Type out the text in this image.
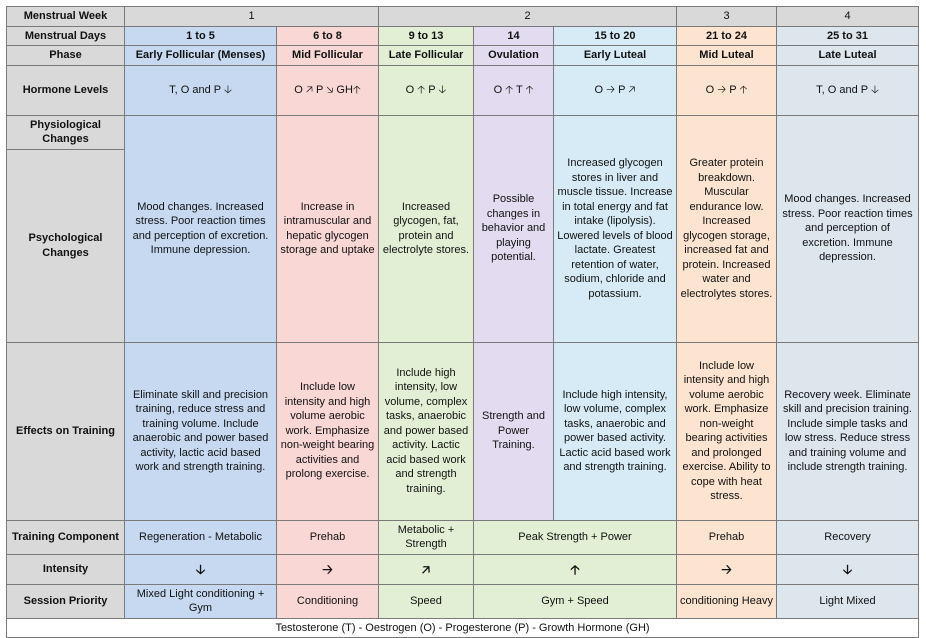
Menstrual Week	1		2			3	4
Menstrual Days	1 to 5	6 to 8	9 to 13	14	15 to 20	21 to 24	25 to 31
Phase	Early Follicular (Menses)	Mid Follicular	Late Follicular	Ovulation	Early Luteal	Mid Luteal	Late Luteal
Hormone Levels	T, O and P 🡣	O 🡥 P 🡦 GH🡡	O 🡡 P 🡣	O 🡡 T 🡡	O 🡢 P 🡥	O 🡢 P 🡡	T, O and P 🡣
Physiological Changes	Mood changes. Increased stress. Poor reaction times and perception of excretion. Immune depression.	Increase in intramuscular and hepatic glycogen storage and uptake	Increased glycogen, fat, protein and electrolyte stores.	Possible changes in behavior and playing potential.	Increased glycogen stores in liver and muscle tissue. Increase in total energy and fat intake (lipolysis). Lowered levels of blood lactate. Greatest retention of water, sodium, chloride and potassium.	Greater protein breakdown. Muscular endurance low. Increased glycogen storage, increased fat and protein. Increased water and electrolytes stores.	Mood changes. Increased stress. Poor reaction times and perception of excretion. Immune depression.
Psychological Changes							
Effects on Training	Eliminate skill and precision training, reduce stress and training volume. Include anaerobic and power based activity, lactic acid based work and strength training.	Include low intensity and high volume aerobic work. Emphasize non-weight bearing activities and prolong exercise.	Include high intensity, low volume, complex tasks, anaerobic and power based activity. Lactic acid based work and strength training.	Strength and Power Training.	Include high intensity, low volume, complex tasks, anaerobic and power based activity. Lactic acid based work and strength training.	Include low intensity and high volume aerobic work. Emphasize non-weight bearing activities and prolonged exercise. Ability to cope with heat stress.	Recovery week. Eliminate skill and precision training. Include simple tasks and low stress. Reduce stress and training volume and include strength training.
Training Component	Regeneration - Metabolic	Prehab	Metabolic + Strength	Peak Strength + Power		Prehab	Recovery
Intensity	🡣	🡢	🡥	🡡		🡢	🡣
Session Priority	Mixed Light conditioning + Gym	Conditioning	Speed	Gym + Speed		conditioning Heavy	Light Mixed
Testosterone (T) - Oestrogen (O) - Progesterone (P) - Growth Hormone (GH)							
